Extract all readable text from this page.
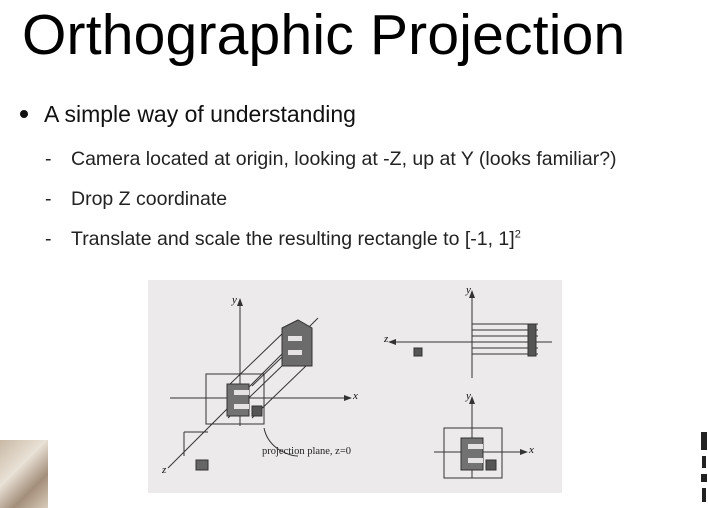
Orthographic Projection
A simple way of understanding
- Camera located at origin, looking at -Z, up at Y (looks familiar?)
- Drop Z coordinate
- Translate and scale the resulting rectangle to [-1, 1]$^2$
y
x
z
projection plane, z=0
y
z
y
x
